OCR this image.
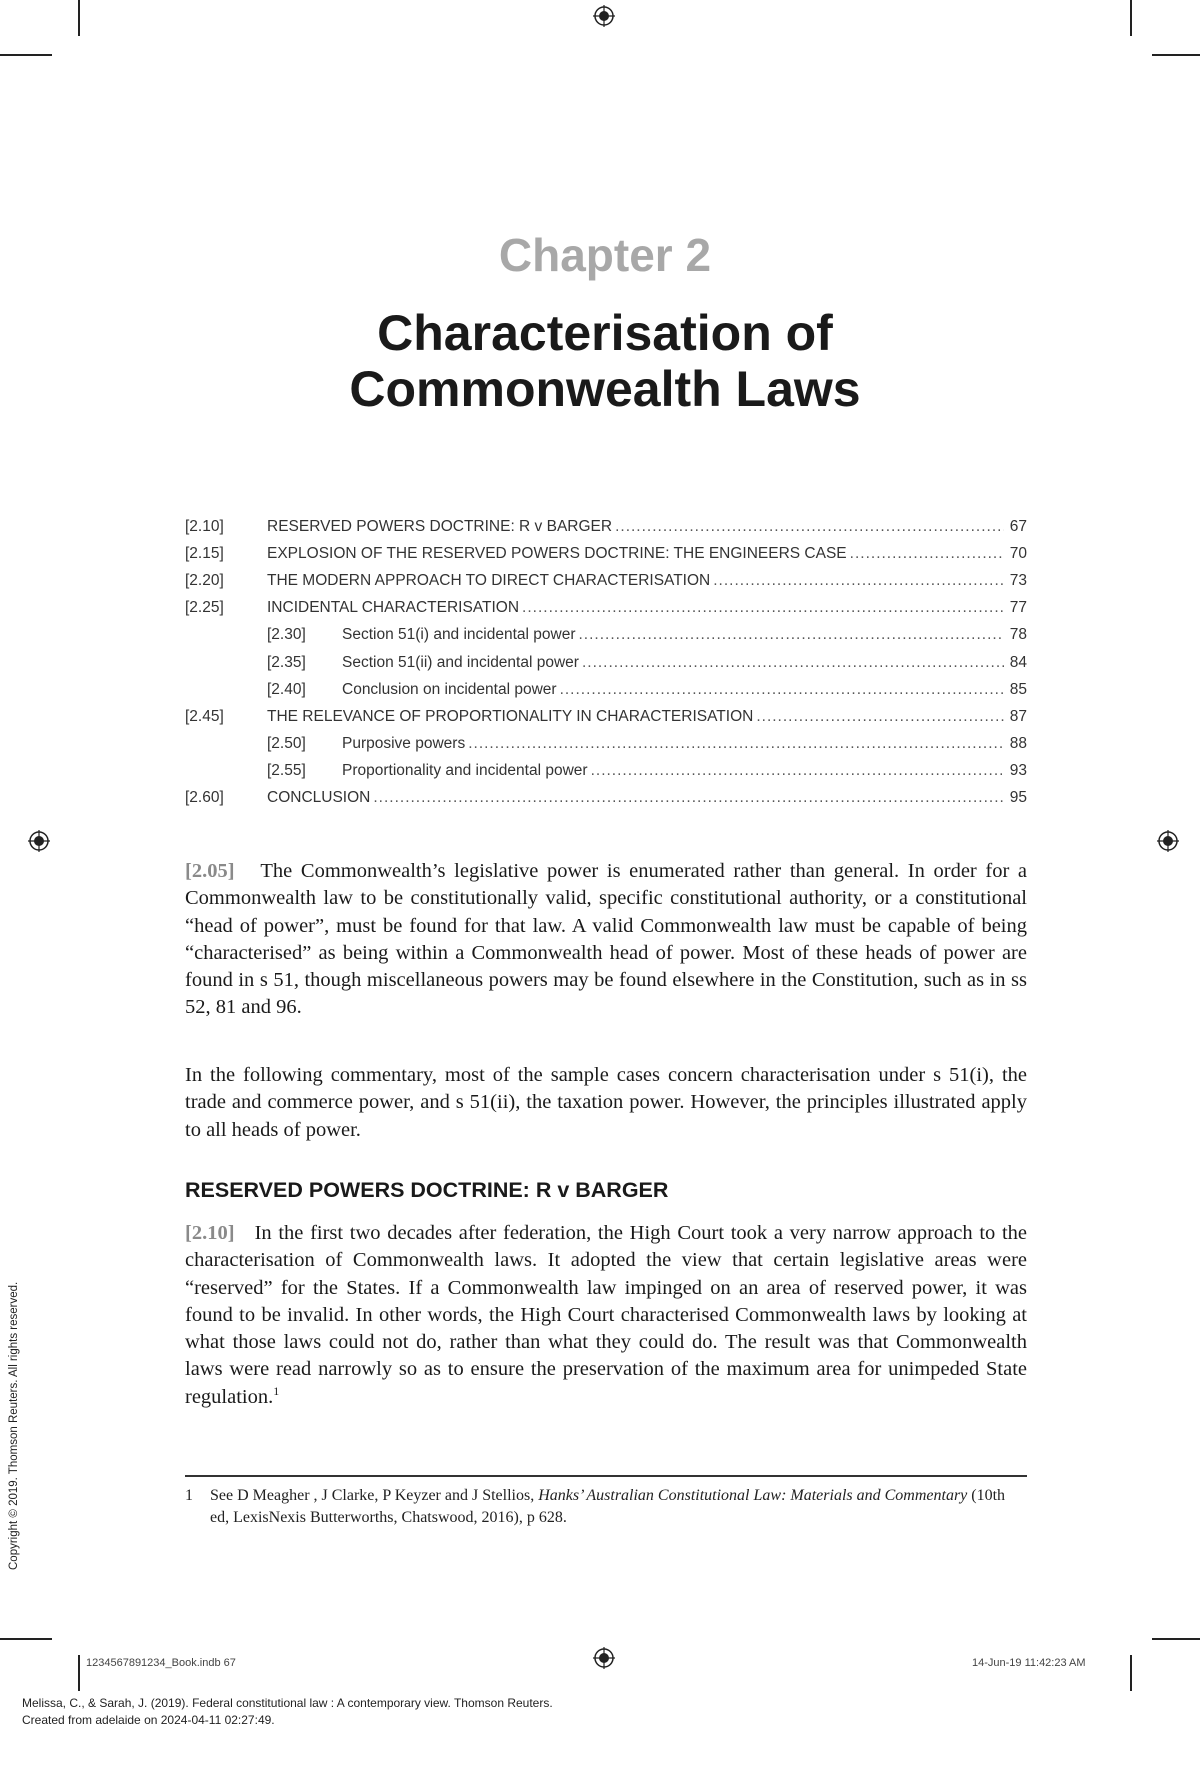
Chapter 2
Characterisation of
Commonwealth Laws
[2.10]	RESERVED POWERS DOCTRINE: R v BARGER .....	67
[2.15]	EXPLOSION OF THE RESERVED POWERS DOCTRINE: THE ENGINEERS CASE .....	70
[2.20]	THE MODERN APPROACH TO DIRECT CHARACTERISATION .....	73
[2.25]	INCIDENTAL CHARACTERISATION .....	77
[2.30]	Section 51(i) and incidental power .....	78
[2.35]	Section 51(ii) and incidental power .....	84
[2.40]	Conclusion on incidental power .....	85
[2.45]	THE RELEVANCE OF PROPORTIONALITY IN CHARACTERISATION .....	87
[2.50]	Purposive powers .....	88
[2.55]	Proportionality and incidental power .....	93
[2.60]	CONCLUSION .....	95
[2.05] The Commonwealth’s legislative power is enumerated rather than general. In order for a Commonwealth law to be constitutionally valid, specific constitutional authority, or a constitutional “head of power”, must be found for that law. A valid Commonwealth law must be capable of being “characterised” as being within a Commonwealth head of power. Most of these heads of power are found in s 51, though miscellaneous powers may be found elsewhere in the Constitution, such as in ss 52, 81 and 96.
In the following commentary, most of the sample cases concern characterisation under s 51(i), the trade and commerce power, and s 51(ii), the taxation power. However, the principles illustrated apply to all heads of power.
RESERVED POWERS DOCTRINE: R v BARGER
[2.10] In the first two decades after federation, the High Court took a very narrow approach to the characterisation of Commonwealth laws. It adopted the view that certain legislative areas were “reserved” for the States. If a Commonwealth law impinged on an area of reserved power, it was found to be invalid. In other words, the High Court characterised Commonwealth laws by looking at what those laws could not do, rather than what they could do. The result was that Commonwealth laws were read narrowly so as to ensure the preservation of the maximum area for unimpeded State regulation.$^1$
1	See D Meagher , J Clarke, P Keyzer and J Stellios, Hanks’ Australian Constitutional Law: Materials and Commentary (10th ed, LexisNexis Butterworths, Chatswood, 2016), p 628.
Copyright © 2019. Thomson Reuters. All rights reserved.
1234567891234_Book.indb 67	14-Jun-19 11:42:23 AM
Melissa, C., & Sarah, J. (2019). Federal constitutional law : A contemporary view. Thomson Reuters.
Created from adelaide on 2024-04-11 02:27:49.
